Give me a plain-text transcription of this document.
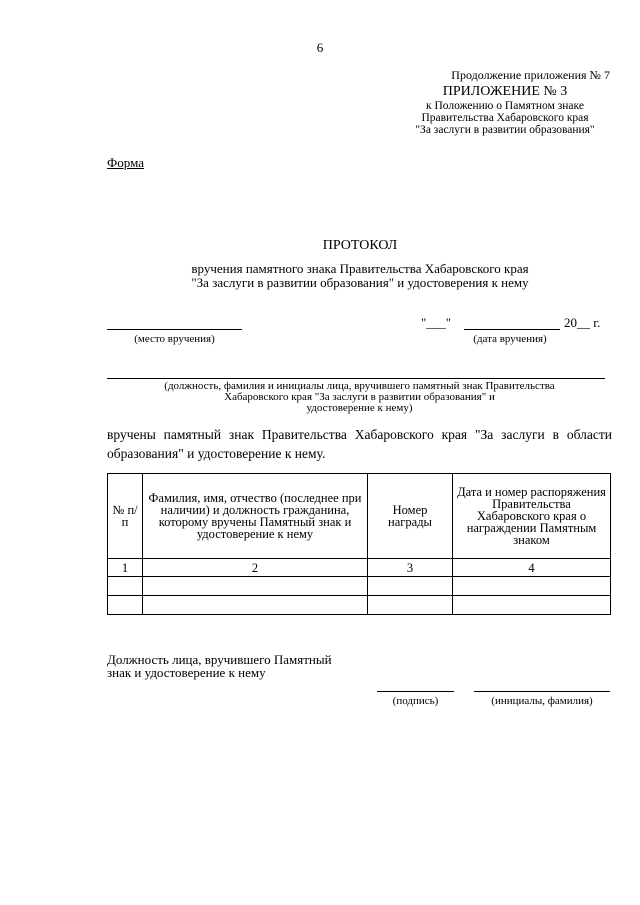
6
Продолжение приложения № 7
ПРИЛОЖЕНИЕ № 3
к Положению о Памятном знаке
Правительства Хабаровского края
"За заслуги в развитии образования"
Форма
ПРОТОКОЛ
вручения памятного знака Правительства Хабаровского края
"За заслуги в развитии образования" и удостоверения к нему
(место вручения)
"___"	20__ г.
(дата вручения)
(должность, фамилия и инициалы лица, вручившего памятный знак Правительства
Хабаровского края "За заслуги в развитии образования" и
удостоверение к нему)
вручены памятный знак Правительства Хабаровского края "За заслуги в области образования" и удостоверение к нему.
№ п/п	Фамилия, имя, отчество (последнее при наличии) и должность гражданина, которому вручены Памятный знак и удостоверение к нему	Номер награды	Дата и номер распоряжения Правительства Хабаровского края о награждении Памятным знаком
1	2	3	4

Должность лица, вручившего Памятный знак и удостоверение к нему
(подпись)	(инициалы, фамилия)
